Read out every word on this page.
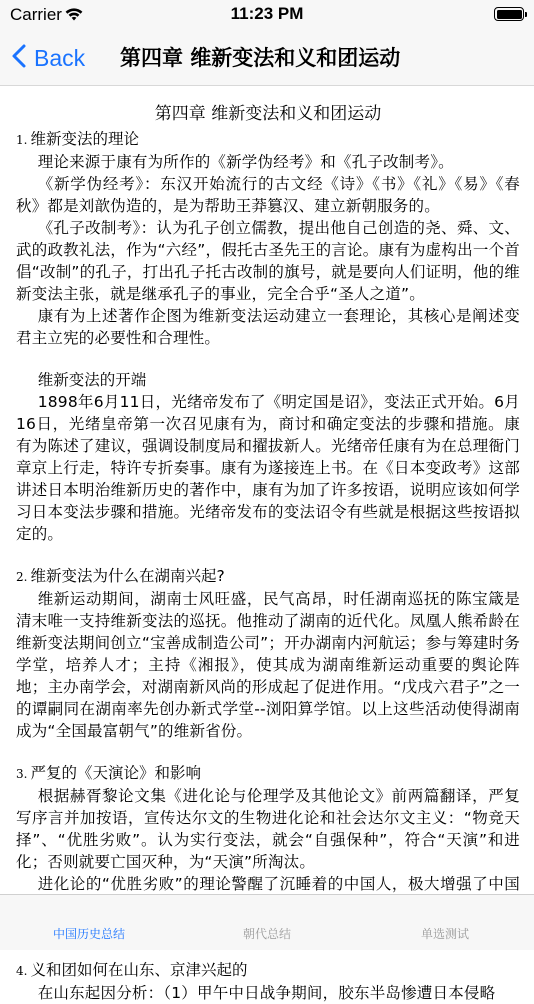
Carrier	11:23 PM
Back 第四章 维新变法和义和团运动
第四章 维新变法和义和团运动
1. 维新变法的理论

理论来源于康有为所作的《新学伪经考》和《孔子改制考》。

《新学伪经考》：东汉开始流行的古文经《诗》《书》《礼》《易》《春秋》都是刘歆伪造的，是为帮助王莽篡汉、建立新朝服务的。

《孔子改制考》：认为孔子创立儒教，提出他自己创造的尧、舜、文、武的政教礼法，作为“六经”，假托古圣先王的言论。康有为虚构出一个首倡“改制”的孔子，打出孔子托古改制的旗号，就是要向人们证明，他的维新变法主张，就是继承孔子的事业，完全合乎“圣人之道”。

康有为上述著作企图为维新变法运动建立一套理论，其核心是阐述变君主立宪的必要性和合理性。

维新变法的开端

1898年6月11日，光绪帝发布了《明定国是诏》，变法正式开始。6月16日，光绪皇帝第一次召见康有为，商讨和确定变法的步骤和措施。康有为陈述了建议，强调设制度局和擢拔新人。光绪帝任康有为在总理衙门章京上行走，特许专折奏事。康有为遂接连上书。在《日本变政考》这部讲述日本明治维新历史的著作中，康有为加了许多按语，说明应该如何学习日本变法步骤和措施。光绪帝发布的变法诏令有些就是根据这些按语拟定的。

2. 维新变法为什么在湖南兴起?

维新运动期间，湖南士风旺盛，民气高昂，时任湖南巡抚的陈宝箴是清末唯一支持维新变法的巡抚。他推动了湖南的近代化。凤凰人熊希龄在维新变法期间创立“宝善成制造公司”；开办湖南内河航运；参与筹建时务学堂，培养人才；主持《湘报》，使其成为湖南维新运动重要的舆论阵地；主办南学会，对湖南新风尚的形成起了促进作用。“戊戌六君子”之一的谭嗣同在湖南率先创办新式学堂--浏阳算学馆。以上这些活动使得湖南成为“全国最富朝气”的维新省份。

3. 严复的《天演论》和影响

根据赫胥黎论文集《进化论与伦理学及其他论文》前两篇翻译，严复写序言并加按语，宣传达尔文的生物进化论和社会达尔文主义：“物竞天择”、“优胜劣败”。认为实行变法，就会“自强保种”，符合“天演”和进化；否则就要亡国灭种，为“天演”所淘汰。

进化论的“优胜劣败”的理论警醒了沉睡着的中国人，极大增强了中国

4. 义和团如何在山东、京津兴起的

在山东起因分析：（1）甲午中日战争期间，胶东半岛惨遭日本侵略

中国历史总结	朝代总结	单选测试
